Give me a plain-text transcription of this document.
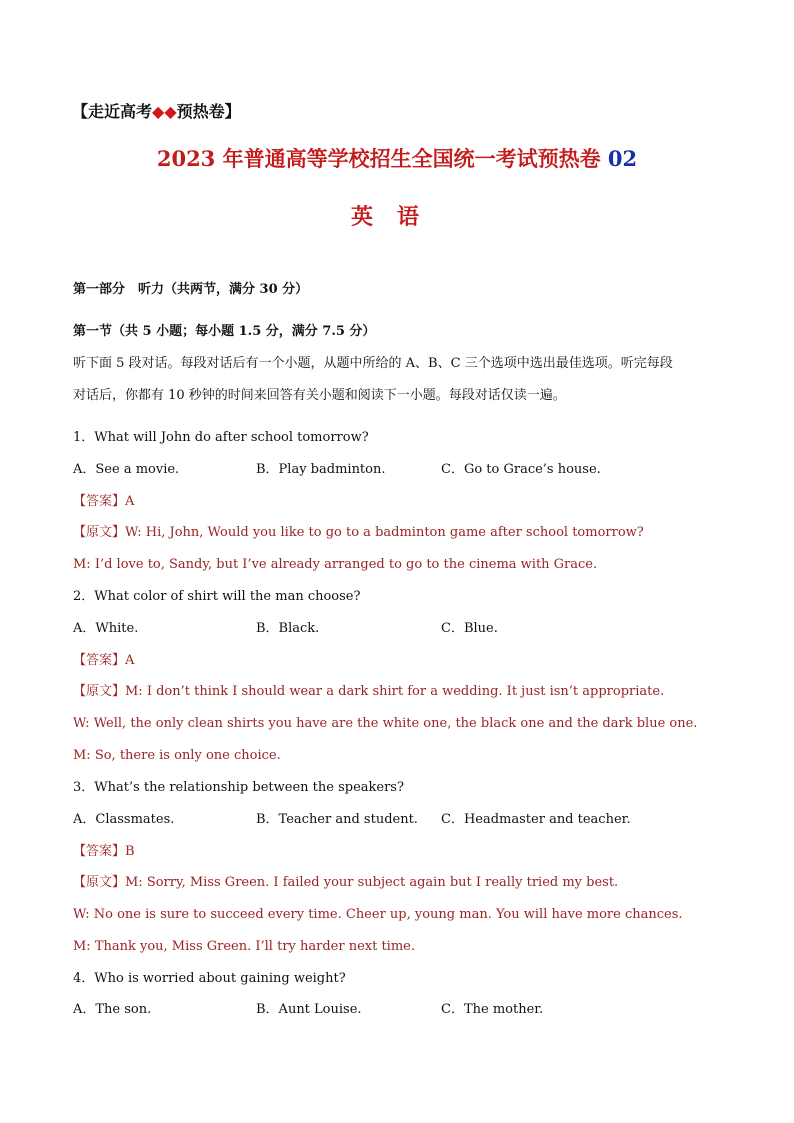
【走近高考◆◆预热卷】
2023 年普通高等学校招生全国统一考试预热卷 02
英语
第一部分　听力（共两节，满分 30 分）
第一节（共 5 小题；每小题 1.5 分，满分 7.5 分）
听下面 5 段对话。每段对话后有一个小题，从题中所给的 A、B、C 三个选项中选出最佳选项。听完每段
对话后，你都有 10 秒钟的时间来回答有关小题和阅读下一小题。每段对话仅读一遍。
1．What will John do after school tomorrow?
A．See a movie.	B．Play badminton.	C．Go to Grace’s house.
【答案】A
【原文】W: Hi, John, Would you like to go to a badminton game after school tomorrow?
M: I’d love to, Sandy, but I’ve already arranged to go to the cinema with Grace.
2．What color of shirt will the man choose?
A．White.	B．Black.	C．Blue.
【答案】A
【原文】M: I don’t think I should wear a dark shirt for a wedding. It just isn’t appropriate.
W: Well, the only clean shirts you have are the white one, the black one and the dark blue one.
M: So, there is only one choice.
3．What’s the relationship between the speakers?
A．Classmates.	B．Teacher and student. C．Headmaster and teacher.
【答案】B
【原文】M: Sorry, Miss Green. I failed your subject again but I really tried my best.
W: No one is sure to succeed every time. Cheer up, young man. You will have more chances.
M: Thank you, Miss Green. I’ll try harder next time.
4．Who is worried about gaining weight?
A．The son.	B．Aunt Louise.	C．The mother.
